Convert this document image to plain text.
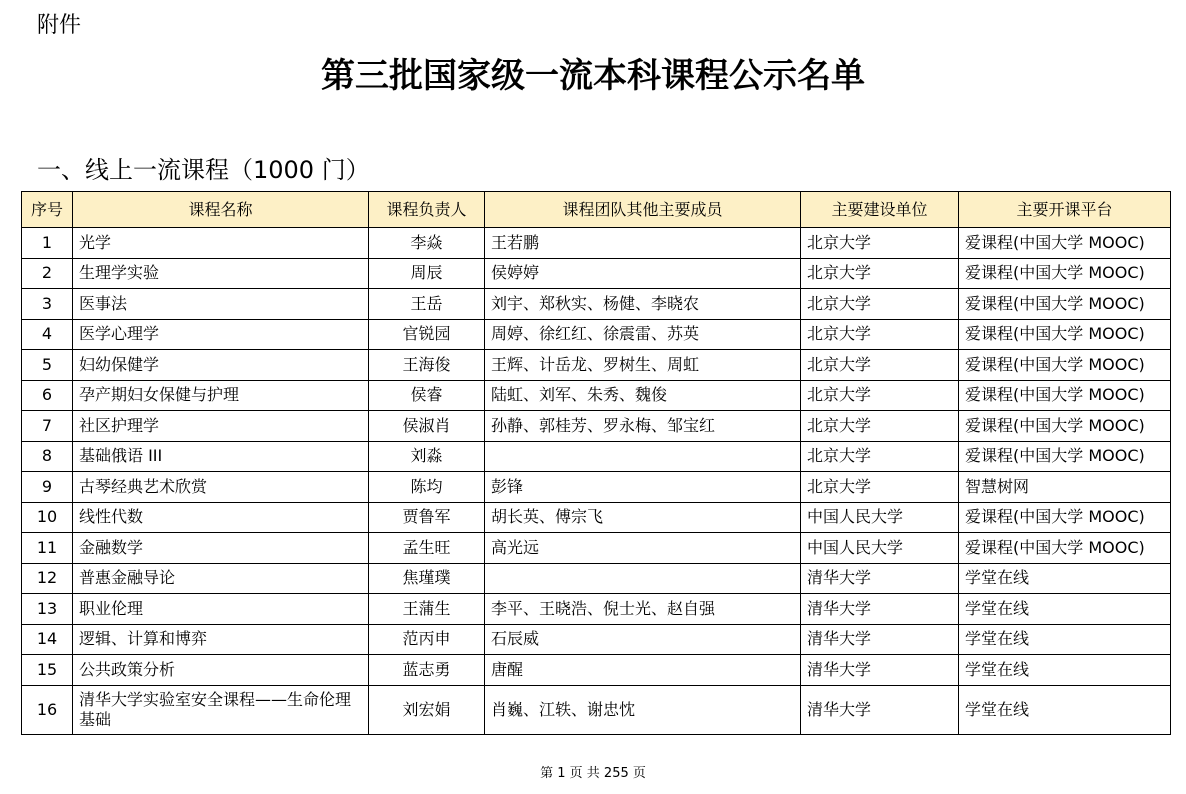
附件
第三批国家级一流本科课程公示名单
一、线上一流课程（1000 门）
序号	课程名称	课程负责人	课程团队其他主要成员	主要建设单位	主要开课平台
1	光学	李焱	王若鹏	北京大学	爱课程(中国大学 MOOC)
2	生理学实验	周辰	侯婷婷	北京大学	爱课程(中国大学 MOOC)
3	医事法	王岳	刘宇、郑秋实、杨健、李晓农	北京大学	爱课程(中国大学 MOOC)
4	医学心理学	官锐园	周婷、徐红红、徐震雷、苏英	北京大学	爱课程(中国大学 MOOC)
5	妇幼保健学	王海俊	王辉、计岳龙、罗树生、周虹	北京大学	爱课程(中国大学 MOOC)
6	孕产期妇女保健与护理	侯睿	陆虹、刘军、朱秀、魏俊	北京大学	爱课程(中国大学 MOOC)
7	社区护理学	侯淑肖	孙静、郭桂芳、罗永梅、邹宝红	北京大学	爱课程(中国大学 MOOC)
8	基础俄语 III	刘淼		北京大学	爱课程(中国大学 MOOC)
9	古琴经典艺术欣赏	陈均	彭锋	北京大学	智慧树网
10	线性代数	贾鲁军	胡长英、傅宗飞	中国人民大学	爱课程(中国大学 MOOC)
11	金融数学	孟生旺	高光远	中国人民大学	爱课程(中国大学 MOOC)
12	普惠金融导论	焦瑾璞		清华大学	学堂在线
13	职业伦理	王蒲生	李平、王晓浩、倪士光、赵自强	清华大学	学堂在线
14	逻辑、计算和博弈	范丙申	石辰威	清华大学	学堂在线
15	公共政策分析	蓝志勇	唐醒	清华大学	学堂在线
16	清华大学实验室安全课程——生命伦理基础	刘宏娟	肖巍、江轶、谢忠忱	清华大学	学堂在线
第 1 页 共 255 页
